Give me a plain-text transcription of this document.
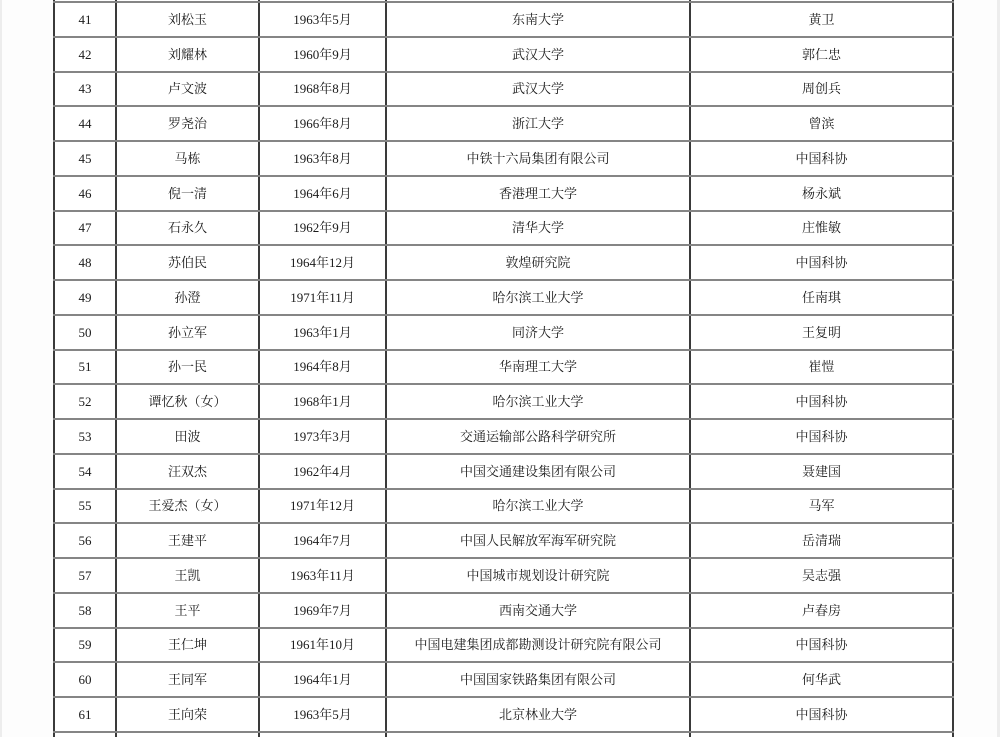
41	刘松玉	1963年5月	东南大学	黄卫
42	刘耀林	1960年9月	武汉大学	郭仁忠
43	卢文波	1968年8月	武汉大学	周创兵
44	罗尧治	1966年8月	浙江大学	曾滨
45	马栋	1963年8月	中铁十六局集团有限公司	中国科协
46	倪一清	1964年6月	香港理工大学	杨永斌
47	石永久	1962年9月	清华大学	庄惟敏
48	苏伯民	1964年12月	敦煌研究院	中国科协
49	孙澄	1971年11月	哈尔滨工业大学	任南琪
50	孙立军	1963年1月	同济大学	王复明
51	孙一民	1964年8月	华南理工大学	崔愷
52	谭忆秋（女）	1968年1月	哈尔滨工业大学	中国科协
53	田波	1973年3月	交通运输部公路科学研究所	中国科协
54	汪双杰	1962年4月	中国交通建设集团有限公司	聂建国
55	王爱杰（女）	1971年12月	哈尔滨工业大学	马军
56	王建平	1964年7月	中国人民解放军海军研究院	岳清瑞
57	王凯	1963年11月	中国城市规划设计研究院	吴志强
58	王平	1969年7月	西南交通大学	卢春房
59	王仁坤	1961年10月	中国电建集团成都勘测设计研究院有限公司	中国科协
60	王同军	1964年1月	中国国家铁路集团有限公司	何华武
61	王向荣	1963年5月	北京林业大学	中国科协
